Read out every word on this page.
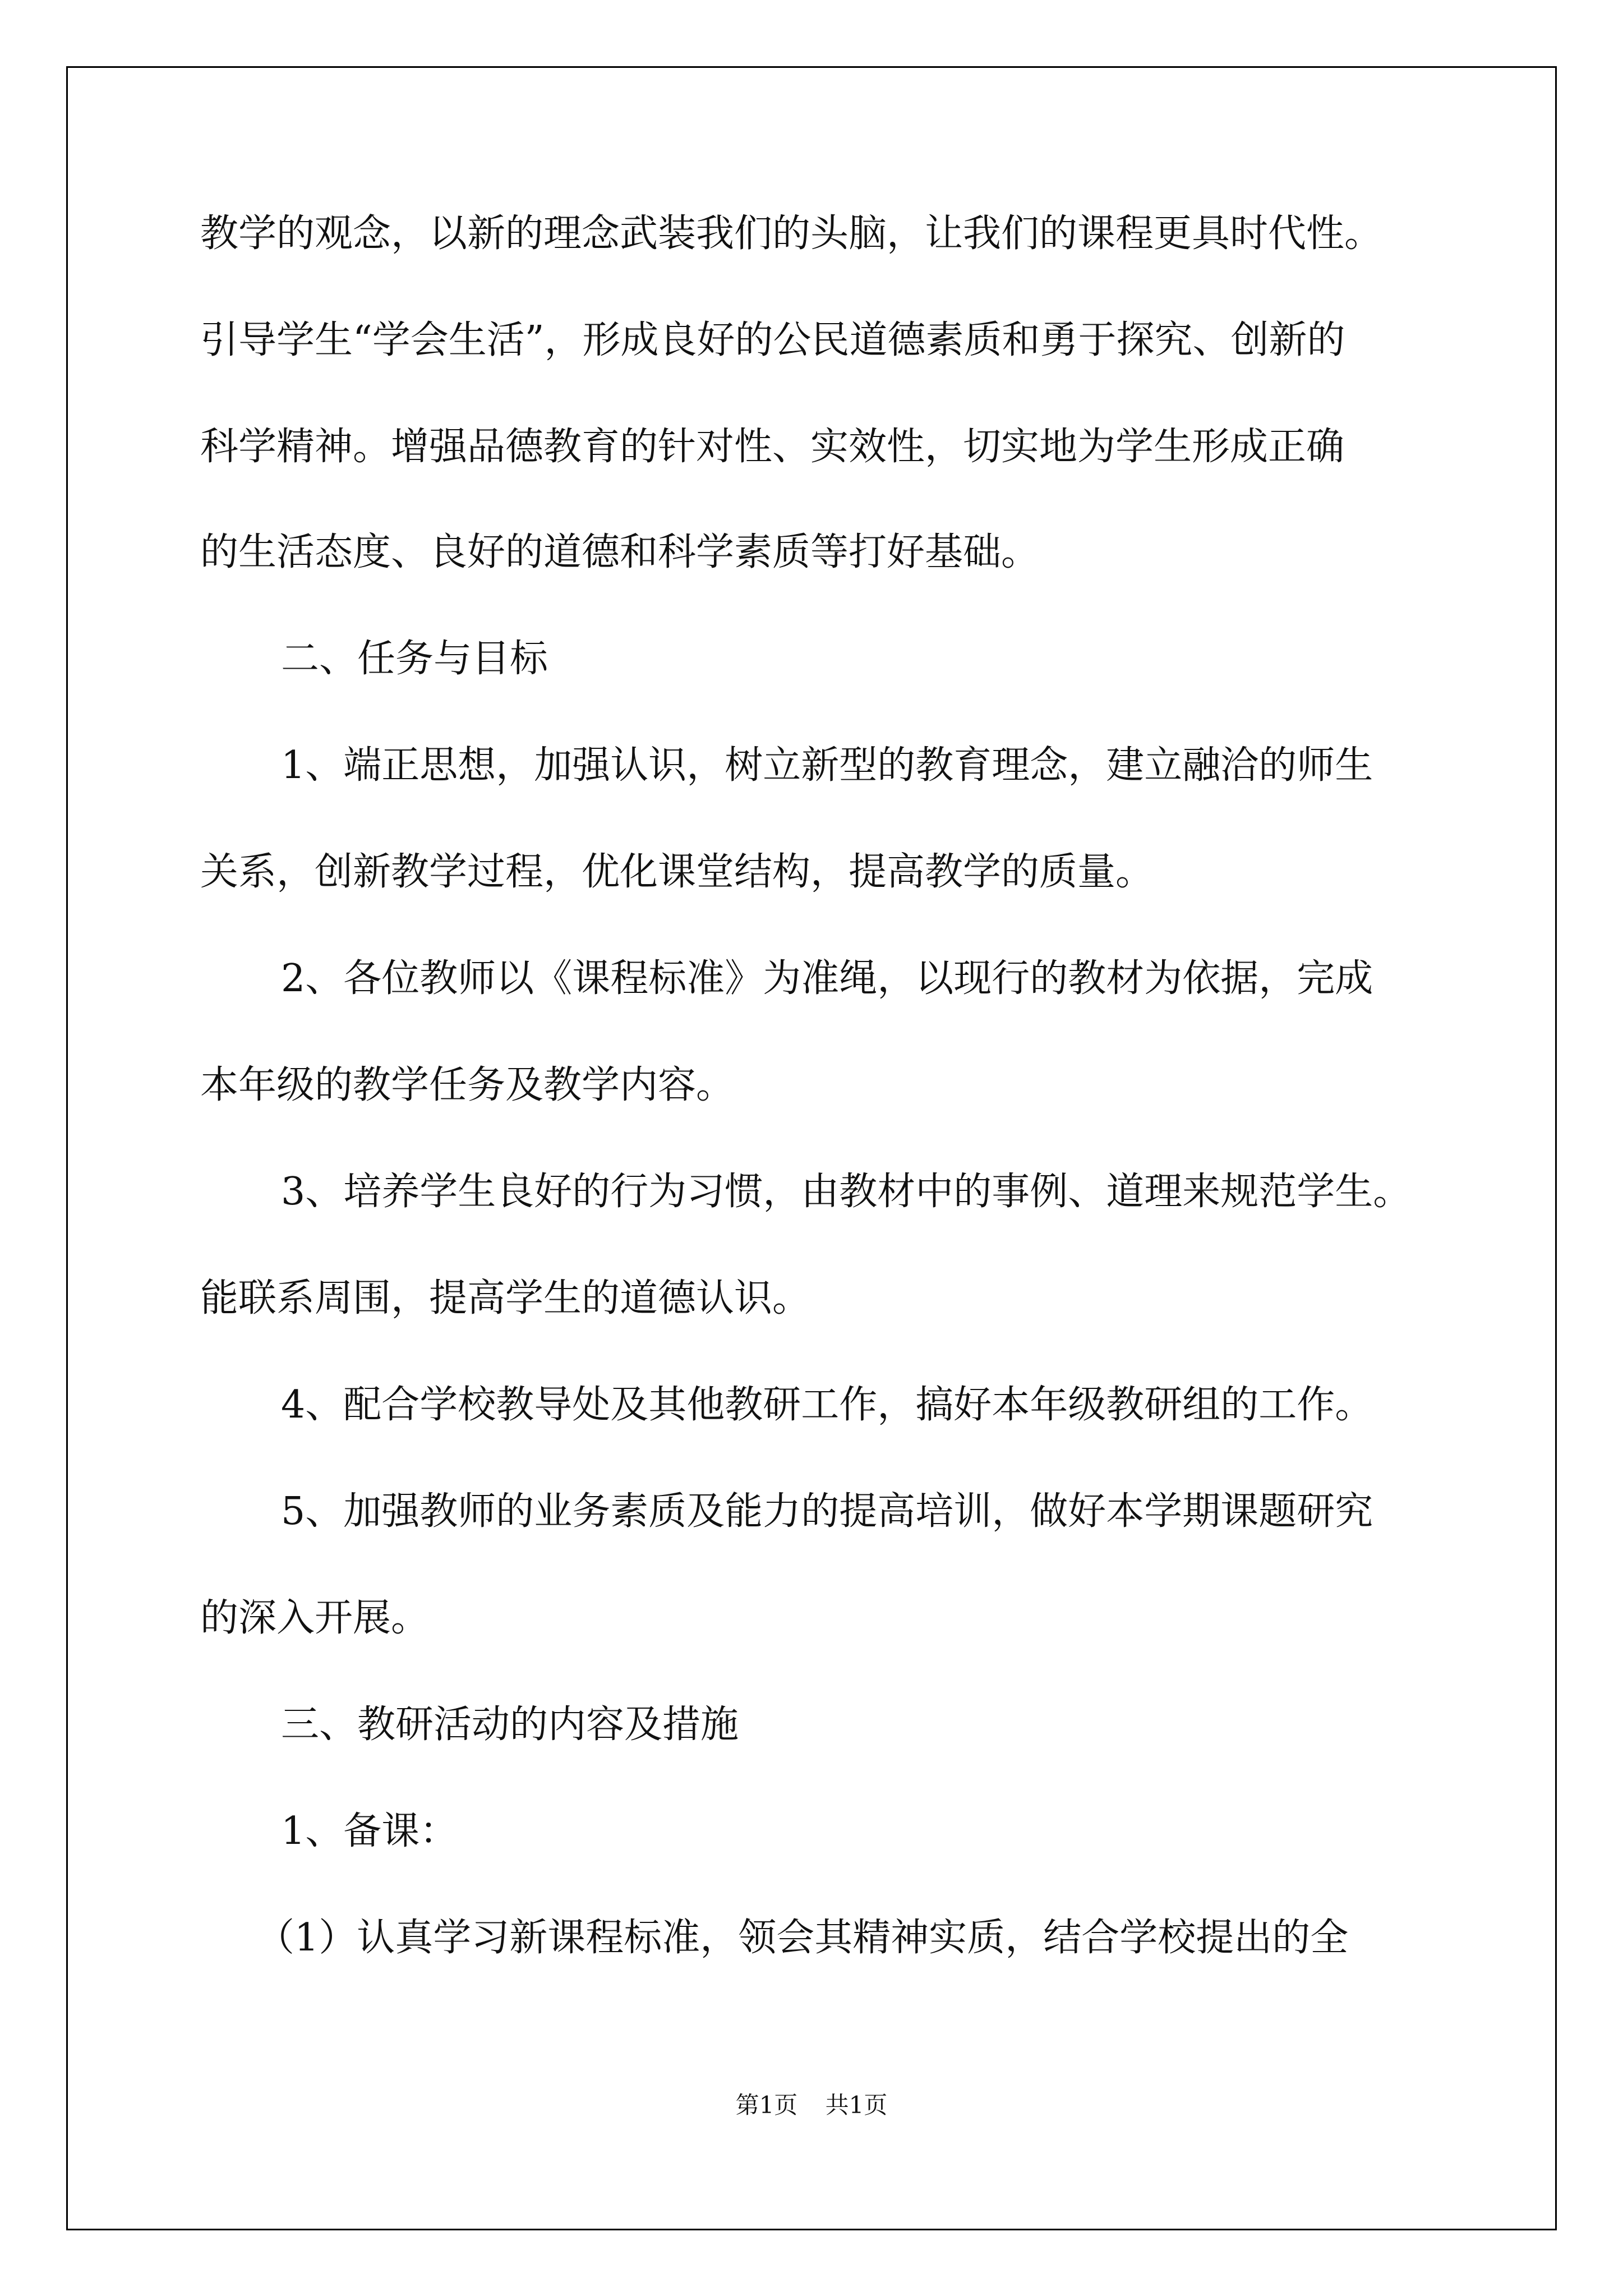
教学的观念，以新的理念武装我们的头脑，让我们的课程更具时代性。
引导学生“学会生活”，形成良好的公民道德素质和勇于探究、创新的
科学精神。增强品德教育的针对性、实效性，切实地为学生形成正确
的生活态度、良好的道德和科学素质等打好基础。
二、任务与目标
1、端正思想，加强认识，树立新型的教育理念，建立融洽的师生
关系，创新教学过程，优化课堂结构，提高教学的质量。
2、各位教师以《课程标准》为准绳，以现行的教材为依据，完成
本年级的教学任务及教学内容。
3、培养学生良好的行为习惯，由教材中的事例、道理来规范学生。
能联系周围，提高学生的道德认识。
4、配合学校教导处及其他教研工作，搞好本年级教研组的工作。
5、加强教师的业务素质及能力的提高培训，做好本学期课题研究
的深入开展。
三、教研活动的内容及措施
1、备课：
（1）认真学习新课程标准，领会其精神实质，结合学校提出的全
第1页 共1页
